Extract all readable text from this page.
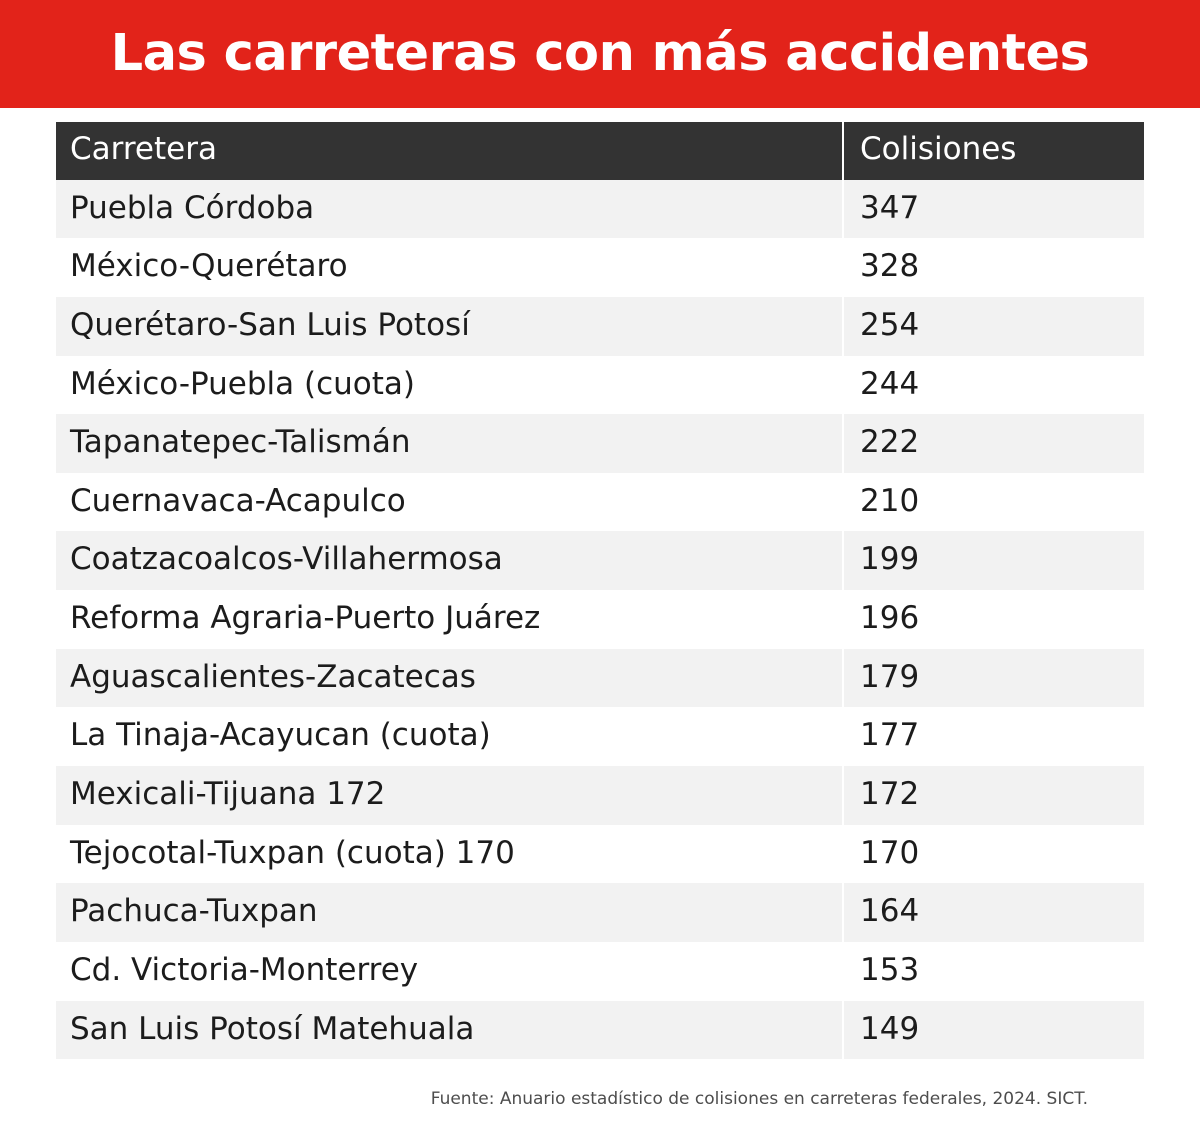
Las carreteras con más accidentes
Carretera	Colisiones
Puebla Córdoba	347
México-Querétaro	328
Querétaro-San Luis Potosí	254
México-Puebla (cuota)	244
Tapanatepec-Talismán	222
Cuernavaca-Acapulco	210
Coatzacoalcos-Villahermosa	199
Reforma Agraria-Puerto Juárez	196
Aguascalientes-Zacatecas	179
La Tinaja-Acayucan (cuota)	177
Mexicali-Tijuana 172	172
Tejocotal-Tuxpan (cuota) 170	170
Pachuca-Tuxpan	164
Cd. Victoria-Monterrey	153
San Luis Potosí Matehuala	149
Fuente: Anuario estadístico de colisiones en carreteras federales, 2024. SICT.
